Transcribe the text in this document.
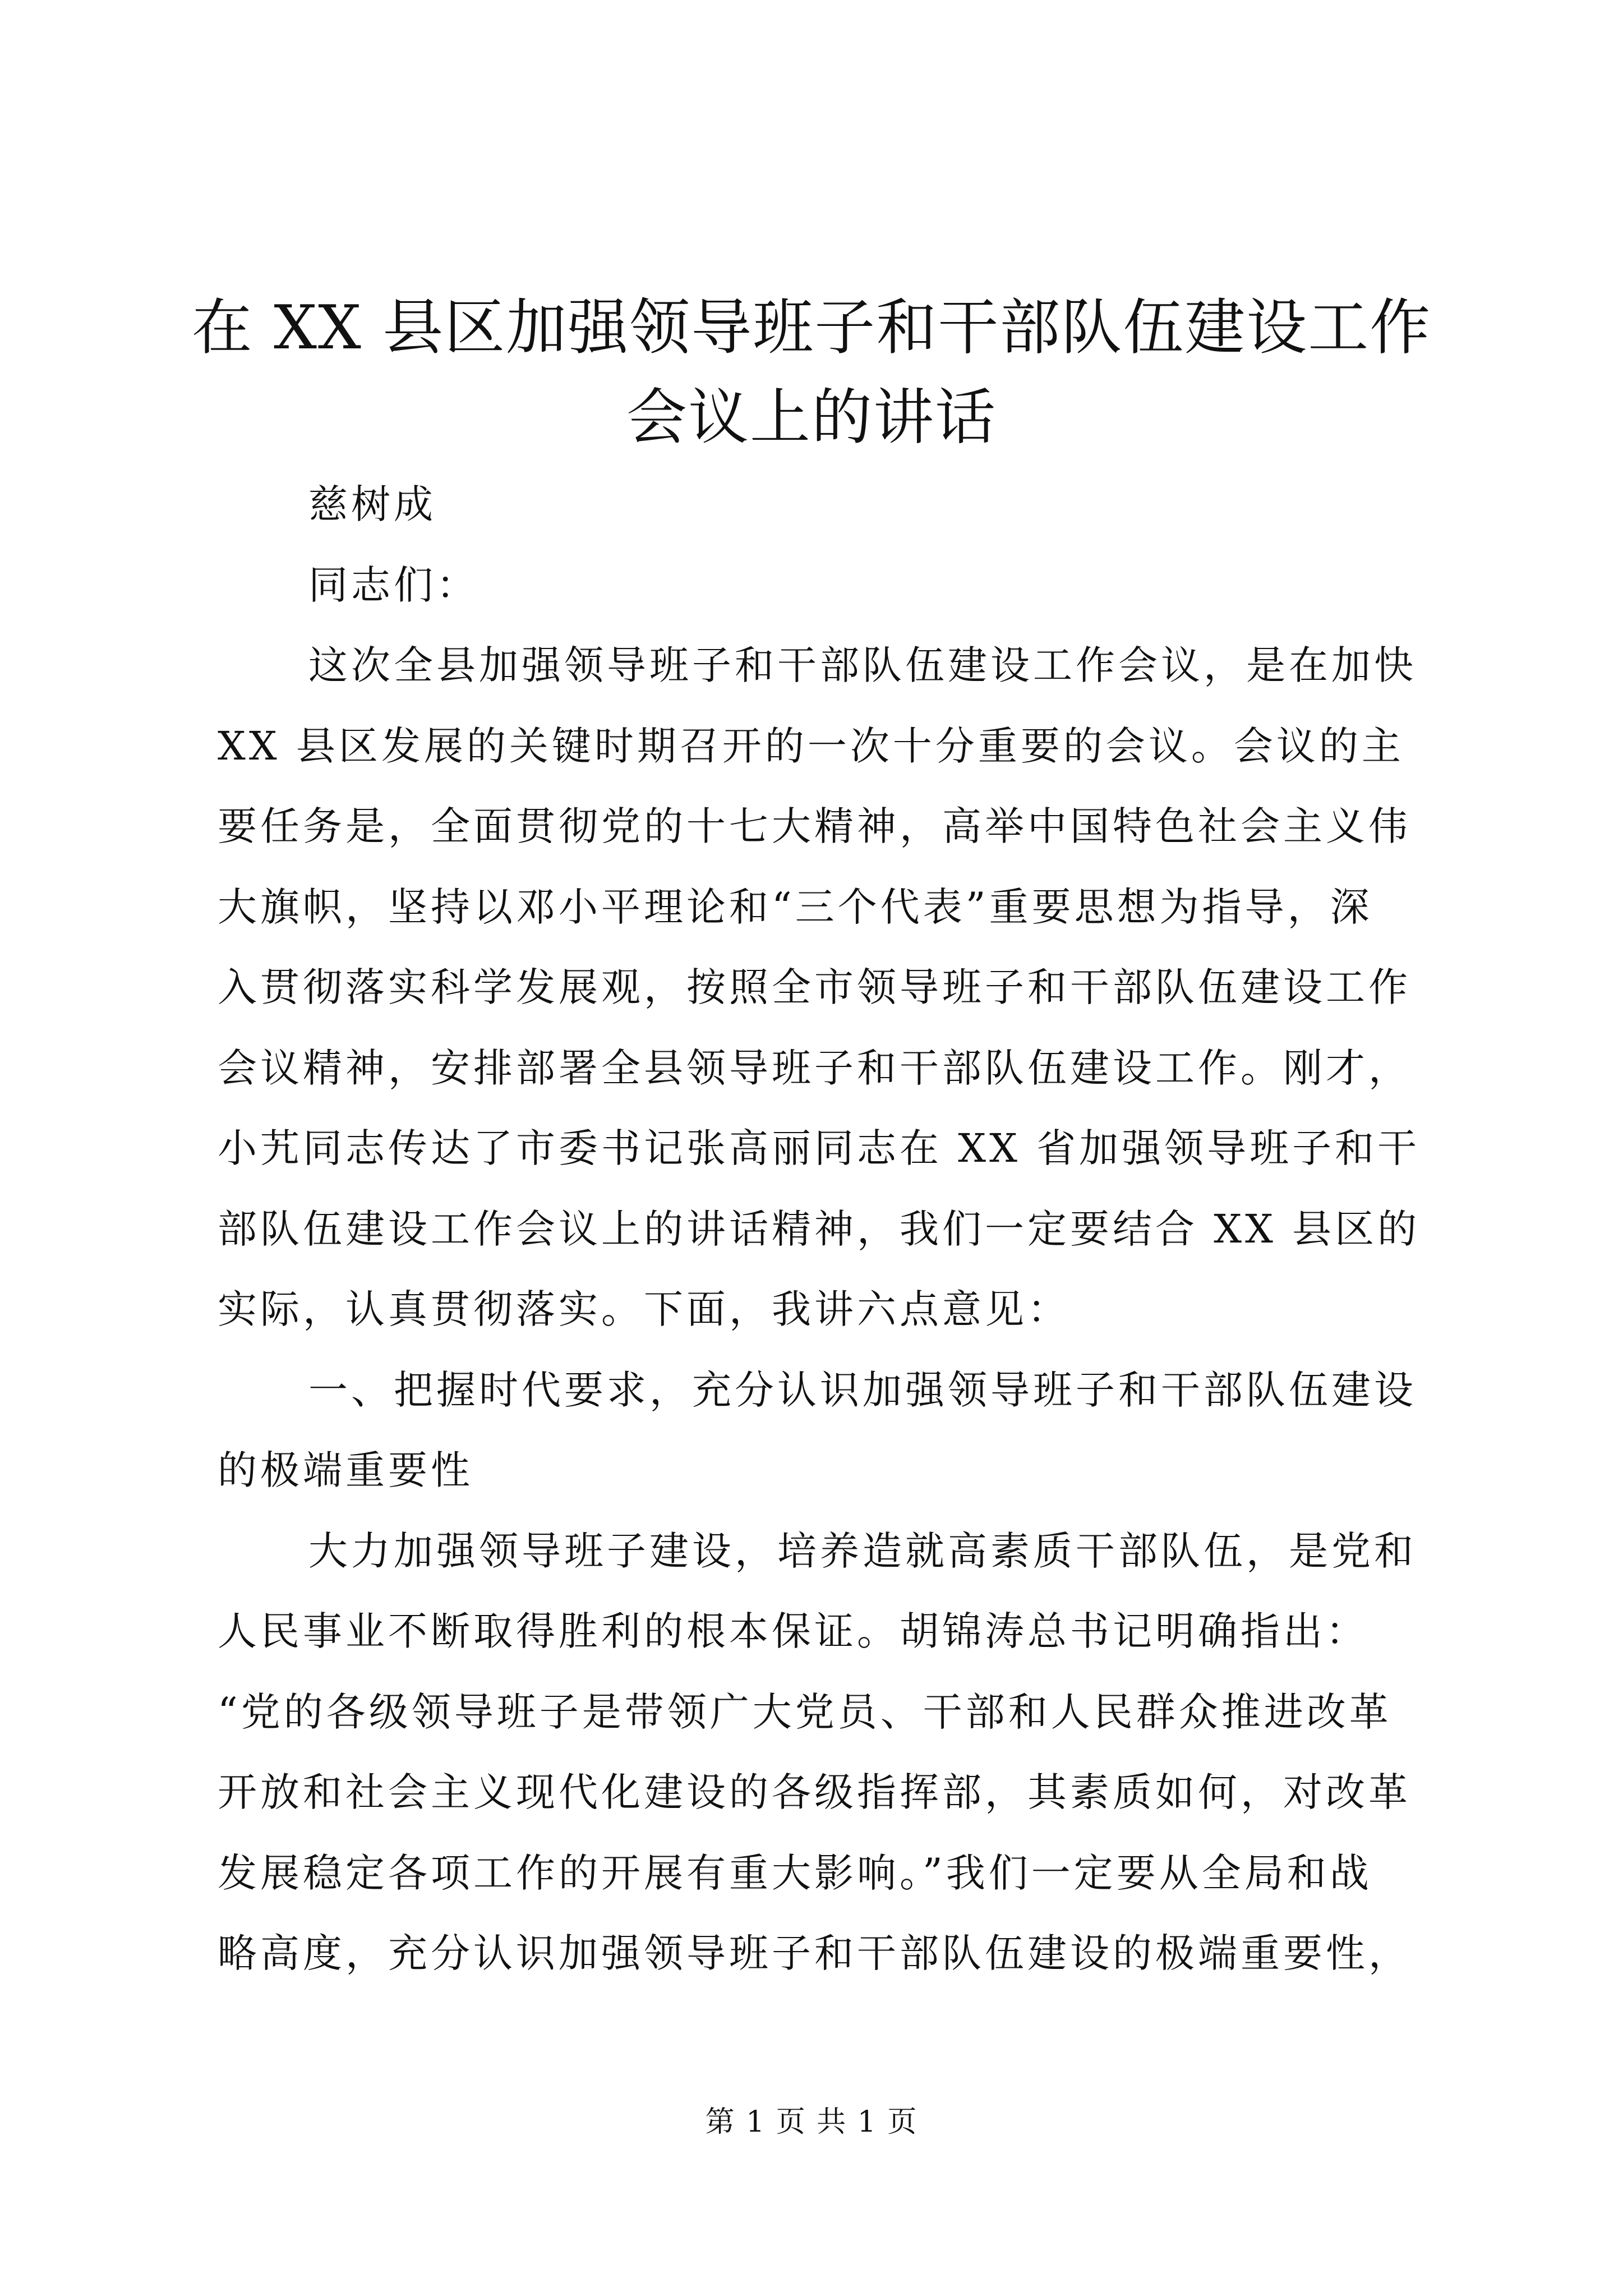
在 XX 县区加强领导班子和干部队伍建设工作
会议上的讲话
慈树成
同志们：
这次全县加强领导班子和干部队伍建设工作会议，是在加快
XX 县区发展的关键时期召开的一次十分重要的会议。会议的主
要任务是，全面贯彻党的十七大精神，高举中国特色社会主义伟
大旗帜，坚持以邓小平理论和“三个代表”重要思想为指导，深
入贯彻落实科学发展观，按照全市领导班子和干部队伍建设工作
会议精神，安排部署全县领导班子和干部队伍建设工作。刚才，
小艽同志传达了市委书记张高丽同志在 XX 省加强领导班子和干
部队伍建设工作会议上的讲话精神，我们一定要结合 XX 县区的
实际，认真贯彻落实。下面，我讲六点意见：
一、把握时代要求，充分认识加强领导班子和干部队伍建设
的极端重要性
大力加强领导班子建设，培养造就高素质干部队伍，是党和
人民事业不断取得胜利的根本保证。胡锦涛总书记明确指出：
“党的各级领导班子是带领广大党员、干部和人民群众推进改革
开放和社会主义现代化建设的各级指挥部，其素质如何，对改革
发展稳定各项工作的开展有重大影响。”我们一定要从全局和战
略高度，充分认识加强领导班子和干部队伍建设的极端重要性，
第 1 页 共 1 页
